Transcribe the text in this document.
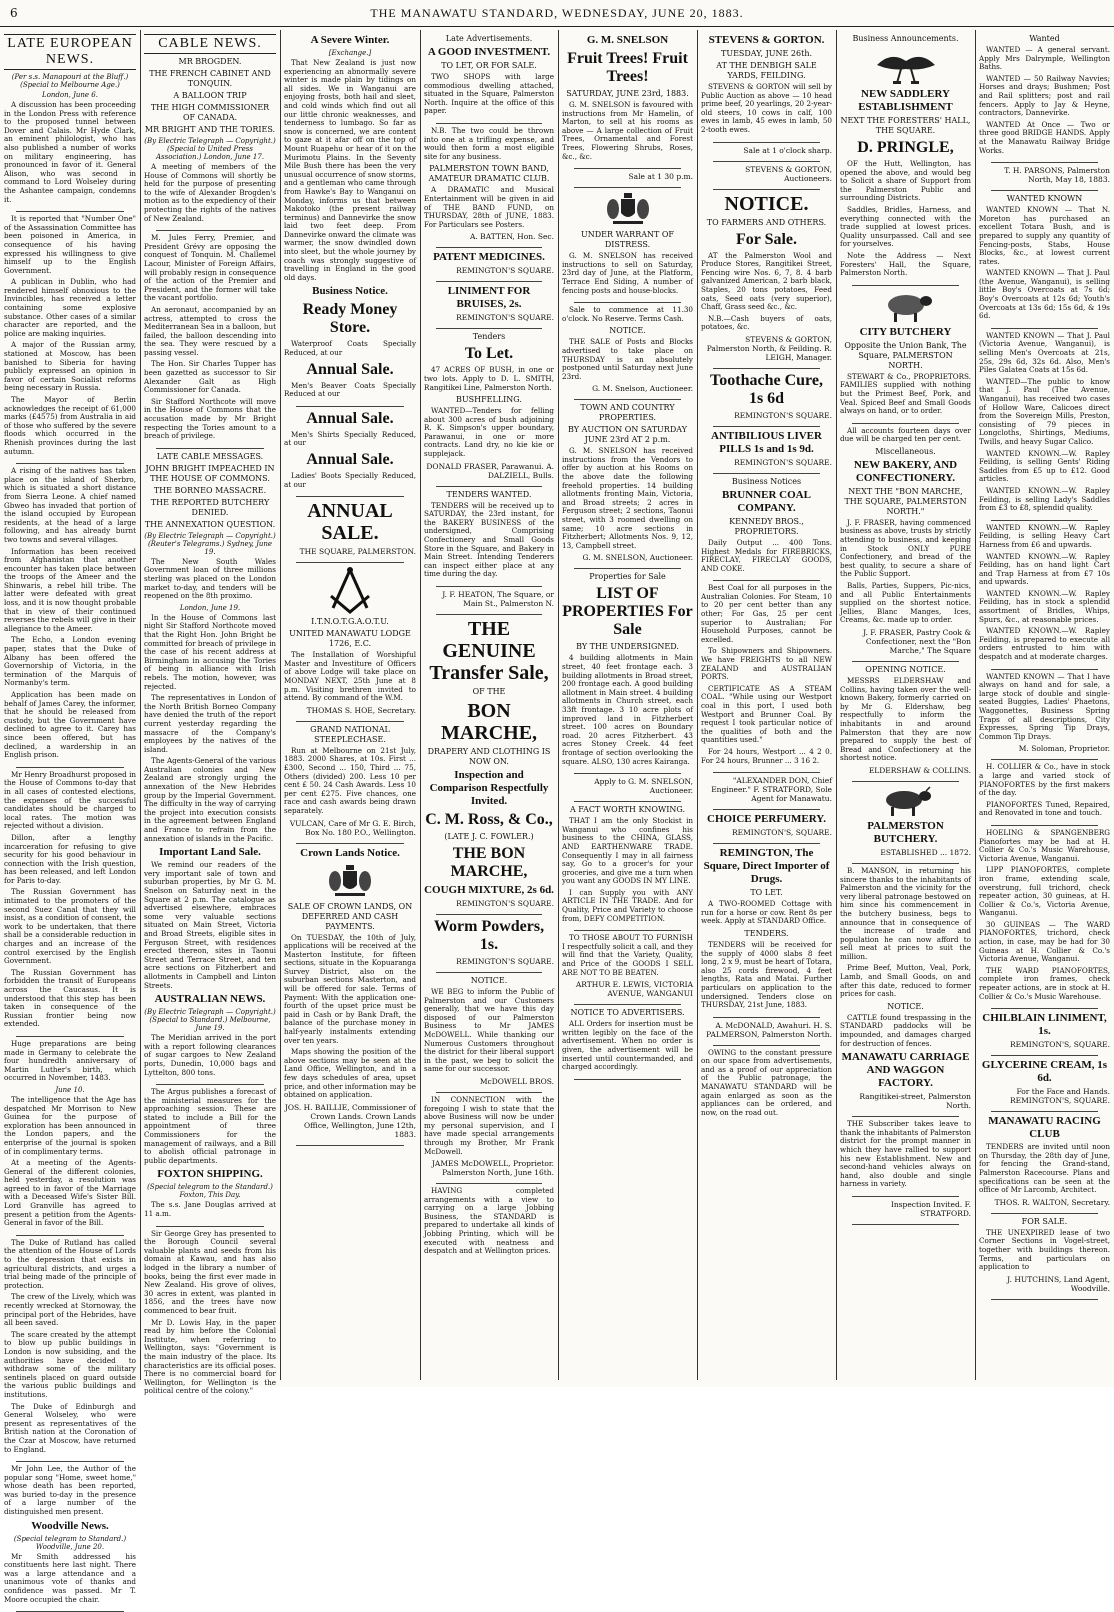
6	THE MANAWATU STANDARD, WEDNESDAY, JUNE 20, 1883.
LATE EUROPEAN NEWS.
(Per s.s. Manapouri at the Bluff.) (Special to Melbourne Age.)
London, June 6.

A discussion has been proceeding in the London Press with reference to the proposed tunnel between Dover and Calais. Mr Hyde Clark, an eminent philologist, who has also published a number of works on military engineering, has pronounced in favor of it. General Alison, who was second in command to Lord Wolseley during the Ashantee campaign, condemns it.

It is reported that "Number One" of the Assassination Committee has been poisoned in America, in consequence of his having expressed his willingness to give himself up to the English Government.

A publican in Dublin, who had rendered himself obnoxious to the Invincibles, has received a letter containing some explosive substance. Other cases of a similar character are reported, and the police are making inquiries.

A major of the Russian army, stationed at Moscow, has been banished to Siberia for having publicly expressed an opinion in favor of certain Socialist reforms being necessary in Russia.

The Mayor of Berlin acknowledges the receipt of 61,000 marks (£4575) from Australia in aid of those who suffered by the severe floods which occurred in the Rhenish provinces during the last autumn.

A rising of the natives has taken place on the island of Sherbro, which is situated a short distance from Sierra Leone. A chief named Gbweo has invaded that portion of the island occupied by European residents, at the head of a large following, and has already burnt two towns and several villages.

Information has been received from Afghanistan that another encounter has taken place between the troops of the Ameer and the Shinwaris, a rebel hill tribe. The latter were defeated with great loss, and it is now thought probable that in view of their continued reverses the rebels will give in their allegiance to the Ameer.

The Echo, a London evening paper, states that the Duke of Albany has been offered the Governorship of Victoria, in the termination of the Marquis of Normanby's term.

Application has been made on behalf of James Carey, the informer, that he should be released from custody, but the Government have declined to agree to it. Carey has since been offered, but has declined, a wardership in an English prison.

Mr Henry Broadhurst proposed in the House of Commons to-day that in all cases of contested elections, the expenses of the successful candidates should be charged to local rates. The motion was rejected without a division.

Dillon, after a lengthy incarceration for refusing to give security for his good behaviour in connection with the Irish question, has been released, and left London for Paris to-day.

The Russian Government has intimated to the promoters of the second Suez Canal that they will insist, as a condition of consent, the work to be undertaken, that there shall be a considerable reduction in charges and an increase of the control exercised by the English Government.

The Russian Government has forbidden the transit of Europeans across the Caucasus. It is understood that this step has been taken in consequence of the Russian frontier being now extended.

Huge preparations are being made in Germany to celebrate the four hundredth anniversary of Martin Luther's birth, which occurred in November, 1483.

June 10.

The intelligence that the Age has despatched Mr Morrison to New Guinea for the purpose of exploration has been announced in the London papers, and the enterprise of the journal is spoken of in complimentary terms.

At a meeting of the Agents-General of the different colonies, held yesterday, a resolution was agreed to in favor of the Marriage with a Deceased Wife's Sister Bill. Lord Granville has agreed to present a petition from the Agents-General in favor of the Bill.

The Duke of Rutland has called the attention of the House of Lords to the depression that exists in agricultural districts, and urges a trial being made of the principle of protection.

The crew of the Lively, which was recently wrecked at Stornoway, the principal port of the Hebrides, have all been saved.

The scare created by the attempt to blow up public buildings in London is now subsiding, and the authorities have decided to withdraw some of the military sentinels placed on guard outside the various public buildings and institutions.

The Duke of Edinburgh and General Wolseley, who were present as representatives of the British nation at the Coronation of the Czar at Moscow, have returned to England.

Mr John Lee, the Author of the popular song "Home, sweet home," whose death has been reported, was buried to-day in the presence of a large number of the distinguished men present.

Woodville News.
(Special telegram to Standard.) Woodville, June 20.

Mr Smith addressed his constituents here last night. There was a large attendance and a unanimous vote of thanks and confidence was passed. Mr T. Moore occupied the chair.

CABLE NEWS.
MR BROGDEN.
THE FRENCH CABINET AND TONQUIN.
A BALLOON TRIP
THE HIGH COMMISSIONER OF CANADA.
MR BRIGHT AND THE TORIES.
(By Electric Telegraph — Copyright.) (Special to United Press Association.) London, June 17.

A meeting of members of the House of Commons will shortly be held for the purpose of presenting to the wife of Alexander Brogden's motion as to the expediency of their protecting the rights of the natives of New Zealand.

M. Jules Ferry, Premier, and President Grévy are opposing the conquest of Tonquin. M. Challemel Lacour, Minister of Foreign Affairs, will probably resign in consequence of the action of the Premier and President, and the former will take the vacant portfolio.

An aeronaut, accompanied by an actress, attempted to cross the Mediterranean Sea in a balloon, but failed, the balloon descending into the sea. They were rescued by a passing vessel.

The Hon. Sir Charles Tupper has been gazetted as successor to Sir Alexander Galt as High Commissioner for Canada.

Sir Stafford Northcote will move in the House of Commons that the accusation made by Mr Bright respecting the Tories amount to a breach of privilege.

LATE CABLE MESSAGES.
JOHN BRIGHT IMPEACHED IN THE HOUSE OF COMMONS.
THE BORNEO MASSACRE.
THE REPORTED BUTCHERY DENIED.
THE ANNEXATION QUESTION.
(By Electric Telegraph — Copyright.) (Reuter's Telegrams.) Sydney, June 19.

The New South Wales Government loan of three millions sterling was placed on the London market to-day, and tenders will be reopened on the 8th proximo.

London, June 19.

In the House of Commons last night Sir Stafford Northcote moved that the Right Hon. John Bright be committed for breach of privilege in the case of his recent address at Birmingham in accusing the Tories of being in alliance with Irish rebels. The motion, however, was rejected.

The representatives in London of the North British Borneo Company have denied the truth of the report current yesterday regarding the massacre of the Company's employees by the natives of the island.

The Agents-General of the various Australian colonies and New Zealand are strongly urging the annexation of the New Hebrides group by the Imperial Government. The difficulty in the way of carrying the project into execution consists in the agreement between England and France to refrain from the annexation of islands in the Pacific.

Important Land Sale.

We remind our readers of the very important sale of town and suburban properties, by Mr G. M. Snelson on Saturday next in the Square at 2 p.m. The catalogue as advertised elsewhere, embraces some very valuable sections situated on Main Street, Victoria and Broad Streets, eligible sites in Ferguson Street, with residences erected thereon, sites in Taonui Street and Terrace Street, and ten acre sections on Fitzherbert and allotments in Campbell and Linton Streets.

AUSTRALIAN NEWS.
(By Electric Telegraph — Copyright.) (Special to Standard.) Melbourne, June 19.

The Meridian arrived in the port with a report following clearances of sugar cargoes to New Zealand ports, Dunedin, 10,000 bags and Lyttelton, 800 tons.

The Argus publishes a forecast of the ministerial measures for the approaching session. These are stated to include a Bill for the appointment of three Commissioners for the management of railways, and a Bill to abolish official patronage in public departments.

FOXTON SHIPPING.
(Special telegram to the Standard.) Foxton, This Day.

The s.s. Jane Douglas arrived at 11 a.m.

Sir George Grey has presented to the Borough Council several valuable plants and seeds from his domain at Kawau, and has also lodged in the library a number of books, being the first ever made in New Zealand. His grove of olives, 30 acres in extent, was planted in 1856, and the trees have now commenced to bear fruit.

Mr D. Lowis Hay, in the paper read by him before the Colonial Institute, when referring to Wellington, says: "Government is the main industry of the place. Its characteristics are its official poses. There is no commercial board for Wellington, for Wellington is the political centre of the colony."

A Severe Winter.
[Exchange.]

That New Zealand is just now experiencing an abnormally severe winter is made plain by tidings on all sides. We in Wanganui are enjoying frosts, both hail and sleet, and cold winds which find out all our little chronic weaknesses, and tenderness to lumbago. So far as snow is concerned, we are content to gaze at it afar off on the top of Mount Ruapehu or hear of it on the Murimotu Plains. In the Seventy Mile Bush there has been the very unusual occurrence of snow storms, and a gentleman who came through from Hawke's Bay to Wanganui on Monday, informs us that between Makotoko (the present railway terminus) and Dannevirke the snow laid two feet deep. From Dannevirke onward the climate was warmer, the snow dwindled down into sleet, but the whole journey by coach was strongly suggestive of travelling in England in the good old days.

Business Notice.
Ready Money Store.

Waterproof Coats Specially Reduced, at our

Annual Sale.

Men's Beaver Coats Specially Reduced at our

Annual Sale.

Men's Shirts Specially Reduced, at our

Annual Sale.

Ladies' Boots Specially Reduced, at our

ANNUAL SALE.
THE SQUARE, PALMERSTON.
I.T.N.O.T.G.A.O.T.U.
UNITED MANAWATU LODGE 1726, E.C.

The Installation of Worshipful Master and Investiture of Officers of above Lodge will take place on MONDAY NEXT, 25th June at 8 p.m. Visiting brethren invited to attend. By command of the W.M.

THOMAS S. HOE, Secretary.
GRAND NATIONAL STEEPLECHASE.

Run at Melbourne on 21st July, 1883. 2000 Shares, at 10s. First ... £300, Second ... 150, Third ... 75, Others (divided) 200. Less 10 per cent £ 50. 24 Cash Awards. Less 10 per cent £275. Five chances, one race and cash awards being drawn separately.

VULCAN, Care of Mr G. E. Birch, Box No. 180 P.O., Wellington.
Crown Lands Notice.
SALE OF CROWN LANDS, ON DEFERRED AND CASH PAYMENTS.

On TUESDAY, the 10th of July, applications will be received at the Masterton Institute, for fifteen sections, situate in the Kopuaranga Survey District, also on the suburban sections Masterton, and will be offered for sale. Terms of Payment: With the application one-fourth of the upset price must be paid in Cash or by Bank Draft, the balance of the purchase money in half-yearly instalments extending over ten years.

Maps showing the position of the above sections may be seen at the Land Office, Wellington, and in a few days schedules of area, upset price, and other information may be obtained on application.

JOS. H. BAILLIE, Commissioner of Crown Lands. Crown Lands Office, Wellington, June 12th, 1883.
Late Advertisements.
A GOOD INVESTMENT.
TO LET, OR FOR SALE.

TWO SHOPS with large commodious dwelling attached, situated in the Square, Palmerston North. Inquire at the office of this paper.

N.B. The two could be thrown into one at a trifling expense, and would then form a most eligible site for any business.

PALMERSTON TOWN BAND, AMATEUR DRAMATIC CLUB.

A DRAMATIC and Musical Entertainment will be given in aid of THE BAND FUND, on THURSDAY, 28th of JUNE, 1883. For Particulars see Posters.

A. BATTEN, Hon. Sec.
PATENT MEDICINES.
REMINGTON'S SQUARE.
LINIMENT FOR BRUISES, 2s.
REMINGTON'S SQUARE.
Tenders
To Let.

47 ACRES OF BUSH, in one or two lots. Apply to D. L. SMITH, Rangitikei Line, Palmerston North.

BUSHFELLING.

WANTED—Tenders for felling about 300 acres of bush adjoining R. K. Simpson's upper boundary, Parawanui, in one or more contracts. Land dry, no kie kie or supplejack.

DONALD FRASER, Parawanui. A. DALZIELL, Bulls.
TENDERS WANTED.

TENDERS will be received up to SATURDAY, the 23rd instant, for the BAKERY BUSINESS of the undersigned, Comprising Confectionery and Small Goods Store in the Square, and Bakery in Main Street. Intending Tenderers can inspect either place at any time during the day.

J. F. HEATON, The Square, or Main St., Palmerston N.
THE GENUINE Transfer Sale,
OF THE
BON MARCHE,
DRAPERY AND CLOTHING IS NOW ON.
Inspection and Comparison Respectfully Invited.
C. M. Ross, & Co.,
(LATE J. C. FOWLER.)
THE BON MARCHE,
COUGH MIXTURE, 2s 6d.
REMINGTON'S SQUARE.
Worm Powders, 1s.
REMINGTON'S SQUARE.
NOTICE.

WE BEG to inform the Public of Palmerston and our Customers generally, that we have this day disposed of our Palmerston Business to Mr JAMES McDOWELL. While thanking our Numerous Customers throughout the district for their liberal support in the past, we beg to solicit the same for our successor.

McDOWELL BROS.

IN CONNECTION with the foregoing I wish to state that the above Business will now be under my personal supervision, and I have made special arrangements through my Brother, Mr Frank McDowell.

JAMES McDOWELL, Proprietor. Palmerston North, June 16th.

HAVING completed arrangements with a view to carrying on a large Jobbing Business, the STANDARD is prepared to undertake all kinds of Jobbing Printing, which will be executed with neatness and despatch and at Wellington prices.

G. M. SNELSON
Fruit Trees! Fruit Trees!
SATURDAY, JUNE 23rd, 1883.

G. M. SNELSON is favoured with instructions from Mr Hamelin, of Marton, to sell at his rooms as above — A large collection of Fruit Trees, Ornamental and Forest Trees, Flowering Shrubs, Roses, &c., &c.

Sale at 1 30 p.m.
UNDER WARRANT OF DISTRESS.

G. M. SNELSON has received instructions to sell on Saturday, 23rd day of June, at the Platform, Terrace End Siding, A number of fencing posts and house-blocks.

Sale to commence at 11.30 o'clock. No Reserve. Terms Cash.

NOTICE.

THE SALE of Posts and Blocks advertised to take place on THURSDAY is an absolutely postponed until Saturday next June 23rd.

G. M. Snelson, Auctioneer.
TOWN AND COUNTRY PROPERTIES.
BY AUCTION ON SATURDAY JUNE 23rd AT 2 p.m.

G. M. SNELSON has received instructions from the Vendors to offer by auction at his Rooms on the above date the following freehold properties. 14 building allotments fronting Main, Victoria, and Broad streets; 2 acres in Ferguson street; 2 sections, Taonui street, with 3 roomed dwelling on same; 10 acre sections in Fitzherbert; Allotments Nos. 9, 12, 13, Campbell street.

G. M. SNELSON, Auctioneer.
Properties for Sale
LIST OF PROPERTIES For Sale
BY THE UNDERSIGNED.

4 building allotments in Main street, 40 feet frontage each. 3 building allotments in Broad street, 200 frontage each. A good building allotment in Main street. 4 building allotments in Church street, each 33ft frontage. 3 10 acre plots of improved land in Fitzherbert street. 100 acres on Boundary road. 20 acres Fitzherbert. 43 acres Stoney Creek. 44 feet frontage of section overlooking the square. ALSO, 130 acres Kairanga.

Apply to G. M. SNELSON, Auctioneer.
A FACT WORTH KNOWING.

THAT I am the only Stockist in Wanganui who confines his business to the CHINA, GLASS, AND EARTHENWARE TRADE. Consequently I may in all fairness say, Go to a grocer's for your groceries, and give me a turn when you want any GOODS IN MY LINE.

I can Supply you with ANY ARTICLE IN THE TRADE. And for Quality, Price and Variety to choose from, DEFY COMPETITION.

TO THOSE ABOUT TO FURNISH I respectfully solicit a call, and they will find that the Variety, Quality, and Price of the GOODS I SELL ARE NOT TO BE BEATEN.

ARTHUR E. LEWIS, VICTORIA AVENUE, WANGANUI
NOTICE TO ADVERTISERS.

ALL Orders for insertion must be written legibly on the face of the advertisement. When no order is given, the advertisement will be inserted until countermanded, and charged accordingly.

STEVENS & GORTON.
TUESDAY, JUNE 26th.
AT THE DENBIGH SALE YARDS, FEILDING.

STEVENS & GORTON will sell by Public Auction as above — 10 head prime beef, 20 yearlings, 20 2-year-old steers, 10 cows in calf, 100 ewes in lamb, 45 ewes in lamb, 50 2-tooth ewes.

Sale at 1 o'clock sharp.
STEVENS & GORTON, Auctioneers.
NOTICE.
TO FARMERS AND OTHERS.
For Sale.

AT the Palmerston Wool and Produce Stores, Rangitikei Street, Fencing wire Nos. 6, 7, 8. 4 barb galvanized American, 2 barb black, Staples, 20 tons potatoes, Feed oats, Seed oats (very superior), Chaff, Grass seed &c., &c.

N.B.—Cash buyers of oats, potatoes, &c.

STEVENS & GORTON, Palmerston North, & Feilding. R. LEIGH, Manager.
Toothache Cure, 1s 6d
REMINGTON'S SQUARE.
ANTIBILIOUS LIVER PILLS 1s and 1s 9d.
REMINGTON'S SQUARE.
Business Notices
BRUNNER COAL COMPANY.
KENNEDY BROS., PROPRIETORS.

Daily Output ... 400 Tons. Highest Medals for FIREBRICKS, FIRECLAY, FIRECLAY GOODS, AND COKE.

Best Coal for all purposes in the Australian Colonies. For Steam, 10 to 20 per cent better than any other; For Gas, 25 per cent superior to Australian; For Household Purposes, cannot be excelled.

To Shipowners and Shipowners. We have FREIGHTS to all NEW ZEALAND and AUSTRALIAN PORTS.

CERTIFICATE AS A STEAM COAL. "While using our Westport coal in this port, I used both Westport and Brunner Coal. By request I took particular notice of the qualities of both and the quantities used."

For 24 hours, Westport ... 4 2 0. For 24 hours, Brunner ... 3 16 2.

"ALEXANDER DON, Chief Engineer." F. STRATFORD, Sole Agent for Manawatu.
CHOICE PERFUMERY.
REMINGTON'S, SQUARE.
REMINGTON, The Square, Direct Importer of Drugs.
TO LET.

A TWO-ROOMED Cottage with run for a horse or cow. Rent 8s per week. Apply at STANDARD Office.

TENDERS.

TENDERS will be received for the supply of 4000 slabs 8 feet long, 2 x 9, must be heart of Totara, also 25 cords firewood, 4 feet lengths, Rata and Matai. Further particulars on application to the undersigned. Tenders close on THURSDAY, 21st June, 1883.

A. McDONALD, Awahuri. H. S. PALMERSON, Palmerston North.

OWING to the constant pressure on our space from advertisements, and as a proof of our appreciation of the Public patronage, the MANAWATU STANDARD will be again enlarged as soon as the appliances can be ordered, and now, on the road out.

Business Announcements.
NEW SADDLERY ESTABLISHMENT
NEXT THE FORESTERS' HALL, THE SQUARE.
D. PRINGLE,

OF the Hutt, Wellington, has opened the above, and would beg to Solicit a share of Support from the Palmerston Public and surrounding Districts.

Saddles, Bridles, Harness, and everything connected with the trade supplied at lowest prices. Quality unsurpassed. Call and see for yourselves.

Note the Address — Next Foresters' Hall, the Square, Palmerston North.

CITY BUTCHERY
Opposite the Union Bank, The Square, PALMERSTON NORTH.

STEWART & Co., PROPRIETORS. FAMILIES supplied with nothing but the Primest Beef, Pork, and Veal. Spiced Beef and Small Goods always on hand, or to order.

All accounts fourteen days over due will be charged ten per cent.

Miscellaneous.
NEW BAKERY, AND CONFECTIONERY.
NEXT THE "BON MARCHE, THE SQUARE, PALMERSTON NORTH."

J. F. FRASER, having commenced business as above, trusts by strictly attending to business, and keeping in Stock ONLY PURE Confectionery, and bread of the best quality, to secure a share of the Public Support.

Balls, Parties, Suppers, Pic-nics, and all Public Entertainments supplied on the shortest notice. Jellies, Blanc Manges, Ices, Creams, &c. made up to order.

J. F. FRASER, Pastry Cook & Confectioner, next the "Bon Marche," The Square
OPENING NOTICE.

MESSRS ELDERSHAW and Collins, having taken over the well-known Bakery, formerly carried on by Mr G. Eldershaw, beg respectfully to inform the inhabitants in and around Palmerston that they are now prepared to supply the best of Bread and Confectionery at the shortest notice.

ELDERSHAW & COLLINS.
PALMERSTON BUTCHERY.
ESTABLISHED ... 1872.

B. MANSON, in returning his sincere thanks to the inhabitants of Palmerston and the vicinity for the very liberal patronage bestowed on him since his commencement in the butchery business, begs to announce that in consequence of the increase of trade and population he can now afford to sell meat at prices to suit the million.

Prime Beef, Mutton, Veal, Pork, Lamb, and Small Goods, on and after this date, reduced to former prices for cash.

NOTICE.

CATTLE found trespassing in the STANDARD paddocks will be impounded, and damages charged for destruction of fences.

MANAWATU CARRIAGE AND WAGGON FACTORY.
Rangitikei-street, Palmerston North.

THE Subscriber takes leave to thank the inhabitants of Palmerston district for the prompt manner in which they have rallied to support his new Establishment. New and second-hand vehicles always on hand, also double and single harness in variety.

Inspection Invited. F. STRATFORD.
Wanted

WANTED — A general servant. Apply Mrs Dalrymple, Wellington Baths.

WANTED — 50 Railway Navvies; Horses and drays; Bushmen; Post and Rail splitters; post and rail fencers. Apply to Jay & Heyne, contractors, Dannevirke.

WANTED At Once — Two or three good BRIDGE HANDS. Apply at the Manawatu Railway Bridge Works.

T. H. PARSONS, Palmerston North, May 18, 1883.
WANTED KNOWN

WANTED KNOWN — That N. Moreton has purchased an excellent Totara Bush, and is prepared to supply any quantity of Fencing-posts, Stabs, House Blocks, &c., at lowest current rates.

WANTED KNOWN — That J. Paul (the Avenue, Wanganui), is selling little Boy's Overcoats at 7s 6d; Boy's Overcoats at 12s 6d; Youth's Overcoats at 13s 6d; 15s 6d, & 19s 6d.

WANTED KNOWN — That J. Paul (Victoria Avenue, Wanganui), is selling Men's Overcoats at 21s, 25s, 29s 6d, 32s 6d. Also, Men's Piles Galatea Coats at 15s 6d.

WANTED—The public to know that J. Paul (The Avenue, Wanganui), has received two cases of Hollow Ware, Calicoes direct from the Sovereign Mills, Preston, consisting of 79 pieces in Longcloths, Shirtings, Mediums, Twills, and heavy Sugar Calico.

WANTED KNOWN.—W. Rapley Feilding, is selling Gents' Riding Saddles from £5 up to £12. Good articles.

WANTED KNOWN.—W. Rapley Feilding, is selling Lady's Saddles from £3 to £8, splendid quality.

WANTED KNOWN.—W. Rapley Feilding, is selling Heavy Cart Harness from £6 and upwards.

WANTED KNOWN.—W. Rapley Feilding, has on hand light Cart and Trap Harness at from £7 10s and upwards.

WANTED KNOWN.—W. Rapley Feilding, has in stock a splendid assortment of Bridles, Whips, Spurs, &c., at reasonable prices.

WANTED KNOWN.—W. Rapley Feilding, is prepared to execute all orders entrusted to him with despatch and at moderate charges.

WANTED KNOWN — That I have always on hand and for sale, a large stock of double and single-seated Buggies, Ladies' Phaetons, Waggonettes, Business Spring Traps of all descriptions, City Expresses, Spring Tip Drays, Common Tip Drays.

M. Soloman, Proprietor.

H. COLLIER & Co., have in stock a large and varied stock of PIANOFORTES by the first makers of the day.

PIANOFORTES Tuned, Repaired, and Renovated in tone and touch.

HOELING & SPANGENBERG Pianofortes may be had at H. Collier & Co.'s Music Warehouse, Victoria Avenue, Wanganui.

LIPP PIANOFORTES, complete iron frame, extending scale, overstrung, full trichord, check repeater action, 30 guineas, at H. Collier & Co.'s, Victoria Avenue, Wanganui.

30 GUINEAS — The WARD PIANOFORTES, trichord, check action, in case, may be had for 30 Guineas at H. Collier & Co.'s Victoria Avenue, Wanganui.

THE WARD PIANOFORTES, complete iron frames, check repeater actions, are in stock at H. Collier & Co.'s Music Warehouse.

CHILBLAIN LINIMENT, 1s.
REMINGTON'S, SQUARE.
GLYCERINE CREAM, 1s 6d.
For the Face and Hands. REMINGTON'S, SQUARE.
MANAWATU RACING CLUB

TENDERS are invited until noon on Thursday, the 28th day of June, for fencing the Grand-stand, Palmerston Racecourse. Plans and specifications can be seen at the office of Mr Larcomb, Architect.

THOS. R. WALTON, Secretary.
FOR SALE.

THE UNEXPIRED lease of two Corner Sections in Vogel-street, together with buildings thereon. Terms, and particulars on application to

J. HUTCHINS, Land Agent, Woodville.
